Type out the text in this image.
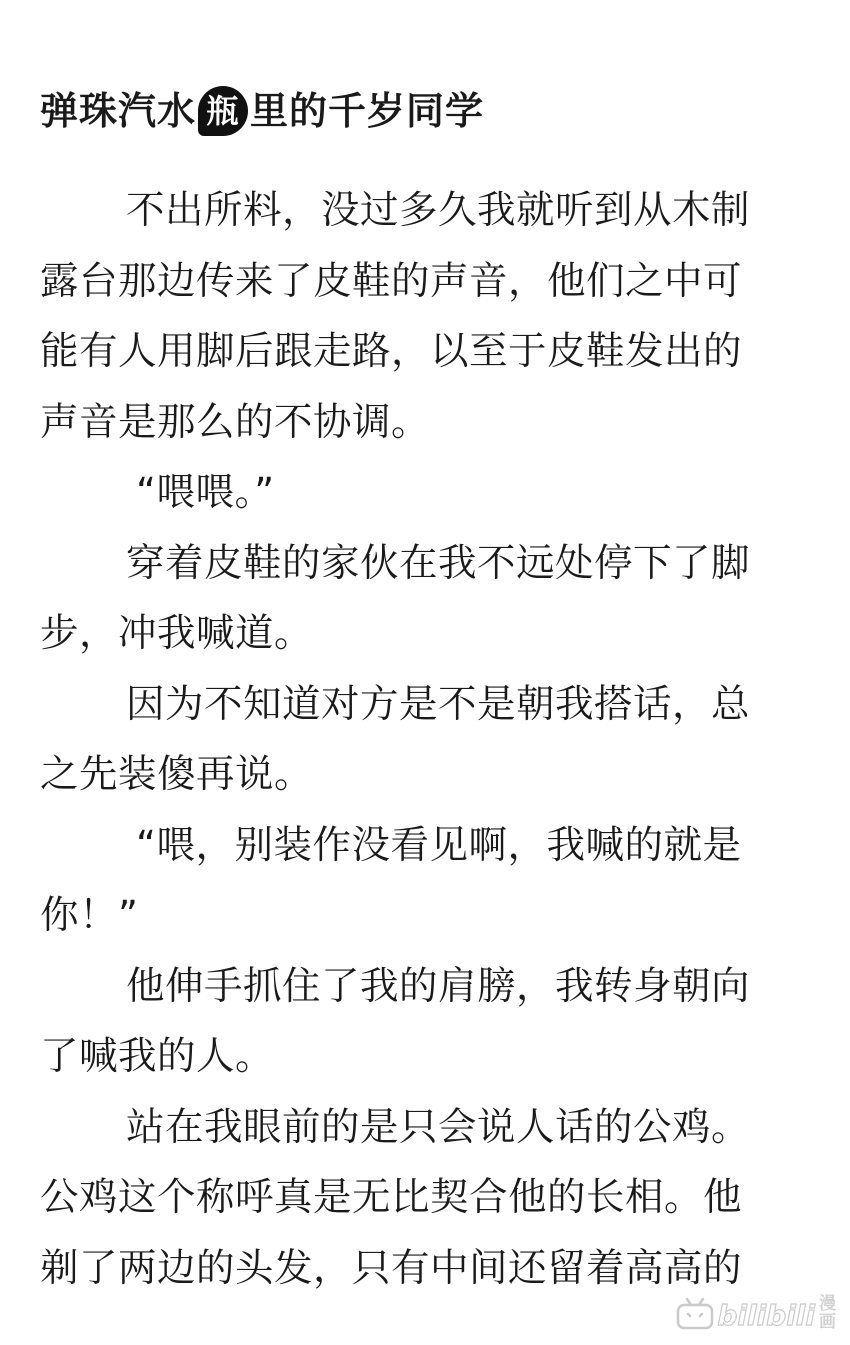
弹珠汽水 瓶 里的千岁同学
不出所料，没过多久我就听到从木制
露台那边传来了皮鞋的声音，他们之中可
能有人用脚后跟走路，以至于皮鞋发出的
声音是那么的不协调。
“喂喂。”
穿着皮鞋的家伙在我不远处停下了脚
步，冲我喊道。
因为不知道对方是不是朝我搭话，总
之先装傻再说。
“喂，别装作没看见啊，我喊的就是
你！”
他伸手抓住了我的肩膀，我转身朝向
了喊我的人。
站在我眼前的是只会说人话的公鸡。
公鸡这个称呼真是无比契合他的长相。他
剃了两边的头发，只有中间还留着高高的
bilibili 漫
画
